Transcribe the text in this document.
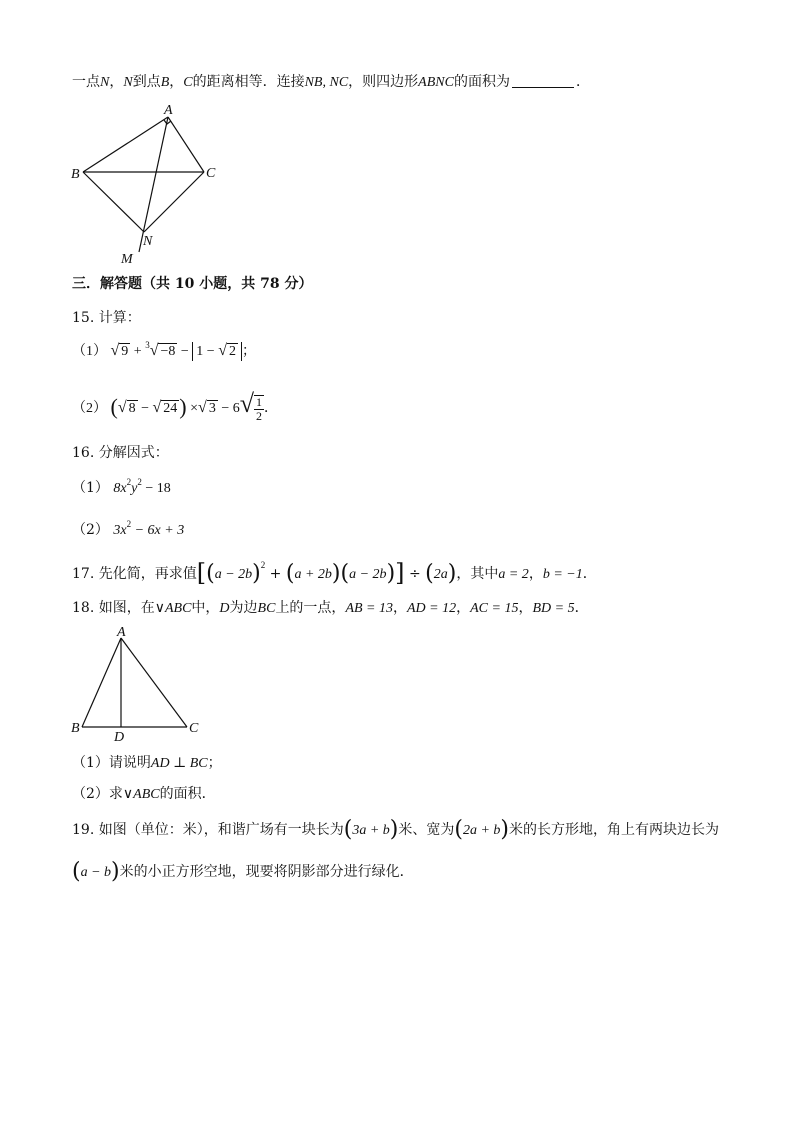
一点N，N到点B，C的距离相等．连接NB, NC，则四边形ABNC的面积为	．
A
B	C
N
M
三．解答题（共 10 小题，共 78 分）
15. 计算：
（1） √ 9 + $^3$√ −8 − 1 − √ 2 ；
（2） (√ 8 − √ 24) ×√ $3 - 6√ \frac{1}{2}$ ．
16. 分解因式：
（1） $8x^2y^2 - 18$
（2） $3x^2 - 6x + 3$
17. 先化简，再求值$[(a - 2b)^2 + (a + 2b)(a - 2b)] \div (2a)$，其中a = 2，b = −1．
18. 如图，在∨ABC中，D为边BC上的一点，AB = 13，AD = 12，AC = 15，BD = 5．
A
B	C
D
（1）请说明AD ⊥ BC；
（2）求∨ABC的面积．
19. 如图（单位：米），和谐广场有一块长为(3a + b)米、宽为(2a + b)米的长方形地，角上有两块边长为
(a − b)米的小正方形空地，现要将阴影部分进行绿化．
